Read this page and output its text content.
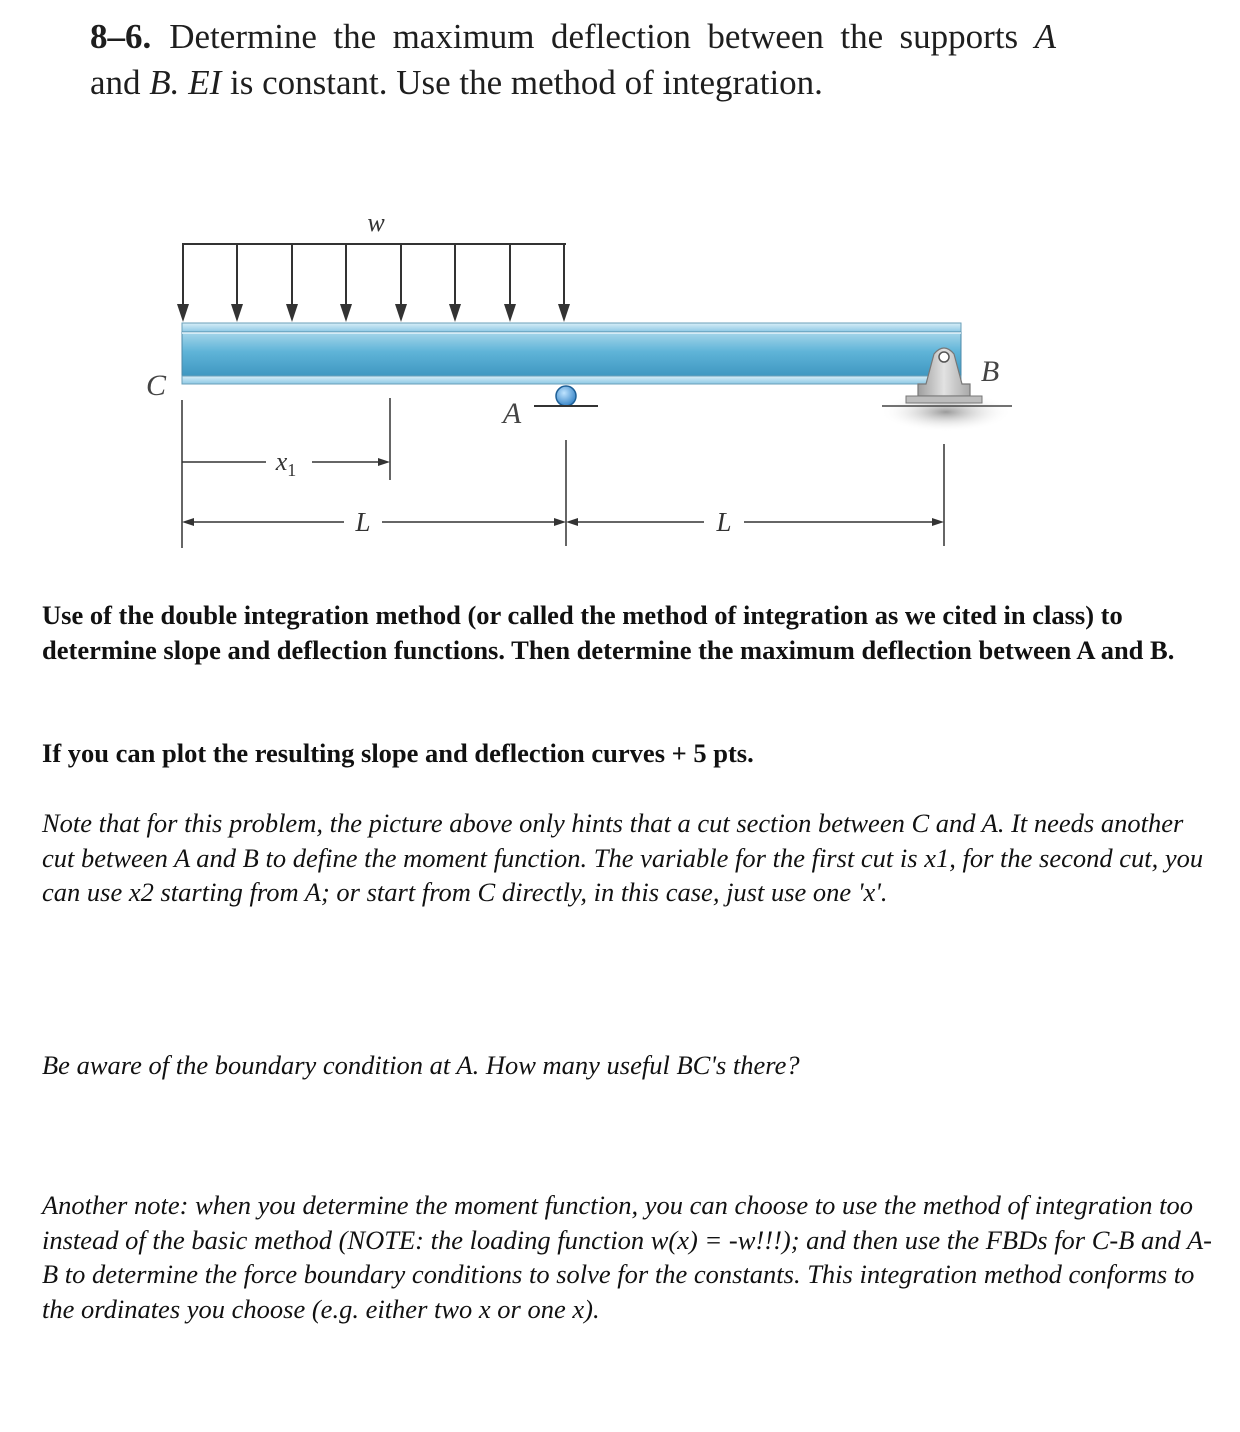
8–6. Determine the maximum deflection between the supports A and B. EI is constant. Use the method of integration.
w
C
A
B
$x_1$
L	L

Use of the double integration method (or called the method of integration as we cited in class) to determine slope and deflection functions. Then determine the maximum deflection between A and B.

If you can plot the resulting slope and deflection curves + 5 pts.

Note that for this problem, the picture above only hints that a cut section between C and A. It needs another cut between A and B to define the moment function. The variable for the first cut is x1, for the second cut, you can use x2 starting from A; or start from C directly, in this case, just use one 'x'.

Be aware of the boundary condition at A. How many useful BC's there?

Another note: when you determine the moment function, you can choose to use the method of integration too instead of the basic method (NOTE: the loading function w(x) = -w!!!); and then use the FBDs for C-B and A-B to determine the force boundary conditions to solve for the constants. This integration method conforms to the ordinates you choose (e.g. either two x or one x).
